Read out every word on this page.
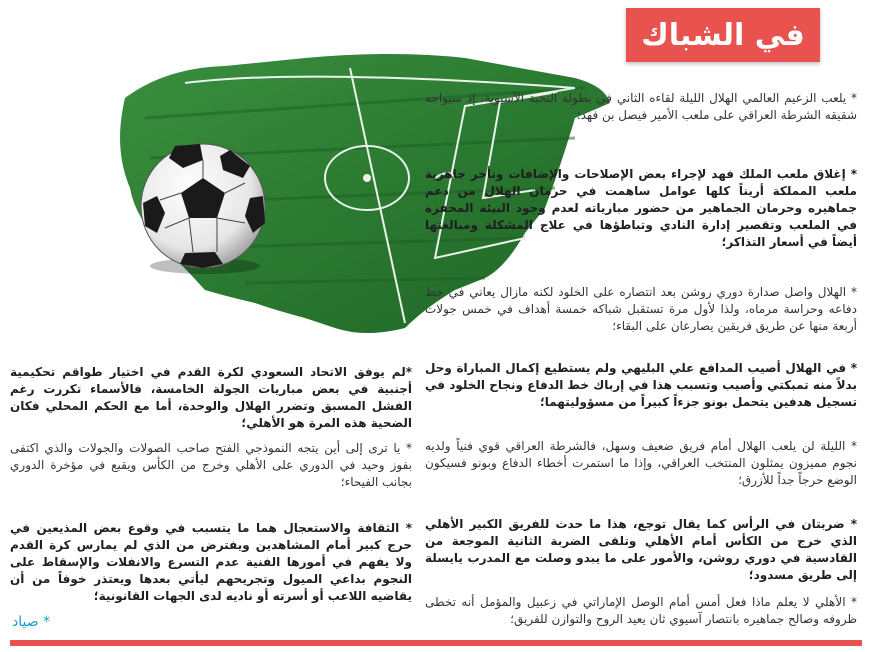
في الشباك

* يلعب الزعيم العالمي الهلال الليلة لقاءه الثاني في بطولة النخبة الآسيوية، إذ سيواجه شقيقه الشرطة العراقي على ملعب الأمير فيصل بن فهد؛

* إغلاق ملعب الملك فهد لإجراء بعض الإصلاحات والإضافات وتأخر جاهزية ملعب المملكة أريناً كلها عوامل ساهمت في حرمان الهلال من دعم جماهيره وحرمان الجماهير من حضور مبارياته لعدم وجود البيئة المحفزة في الملعب وتقصير إدارة النادي وتباطؤها في علاج المشكلة ومبالغتها أيضاً في أسعار التذاكر؛

* الهلال واصل صدارة دوري روشن بعد انتصاره على الخلود لكنه مازال يعاني في خط دفاعه وحراسة مرماه، ولذا لأول مرة تستقبل شباكه خمسة أهداف في خمس جولات أربعة منها عن طريق فريقين يصارعان على البقاء؛

* في الهلال أصيب المدافع علي البليهي ولم يستطيع إكمال المباراة وحل بدلاً منه تمبكتي وأصيب وتسبب هذا في إرباك خط الدفاع ونجاح الخلود في تسجيل هدفين يتحمل بونو جزءاً كبيراً من مسؤوليتهما؛

* الليلة لن يلعب الهلال أمام فريق ضعيف وسهل، فالشرطة العراقي قوي فنياً ولديه نجوم مميزون يمثلون المنتخب العراقي، وإذا ما استمرت أخطاء الدفاع وبونو فسيكون الوضع حرجاً جداً للأزرق؛

* ضربتان في الرأس كما يقال توجع، هذا ما حدث للفريق الكبير الأهلي الذي خرج من الكأس أمام الأهلي وتلقى الضربة الثانية الموجعة من القادسية في دوري روشن، والأمور على ما يبدو وصلت مع المدرب يايسلة إلى طريق مسدود؛

* الأهلي لا يعلم ماذا فعل أمس أمام الوصل الإماراتي في زعبيل والمؤمل أنه تخطى ظروفه وصالح جماهيره بانتصار آسيوي ثان يعيد الروح والتوازن للفريق؛

*لم يوفق الاتحاد السعودي لكرة القدم في اختيار طواقم تحكيمية أجنبية في بعض مباريات الجولة الخامسة، فالأسماء تكررت رغم الفشل المسبق وتضرر الهلال والوحدة، أما مع الحكم المحلي فكان الضحية هذه المرة هو الأهلي؛

* يا ترى إلى أين يتجه النموذجي الفتح صاحب الصولات والجولات والذي اكتفى بفوز وحيد في الدوري على الأهلي وخرج من الكأس ويقبع في مؤخرة الدوري بجانب الفيحاء؛

* الثقافة والاستعجال هما ما يتسبب في وقوع بعض المذيعين في حرج كبير أمام المشاهدين ويفترض من الذي لم يمارس كرة القدم ولا يفهم في أمورها الفنية عدم التسرع والانفلات والإسقاط على النجوم بداعي الميول وتجريحهم ليأتي بعدها ويعتذر خوفاً من أن يقاضيه اللاعب أو أسرته أو ناديه لدى الجهات القانونية؛

* صياد
